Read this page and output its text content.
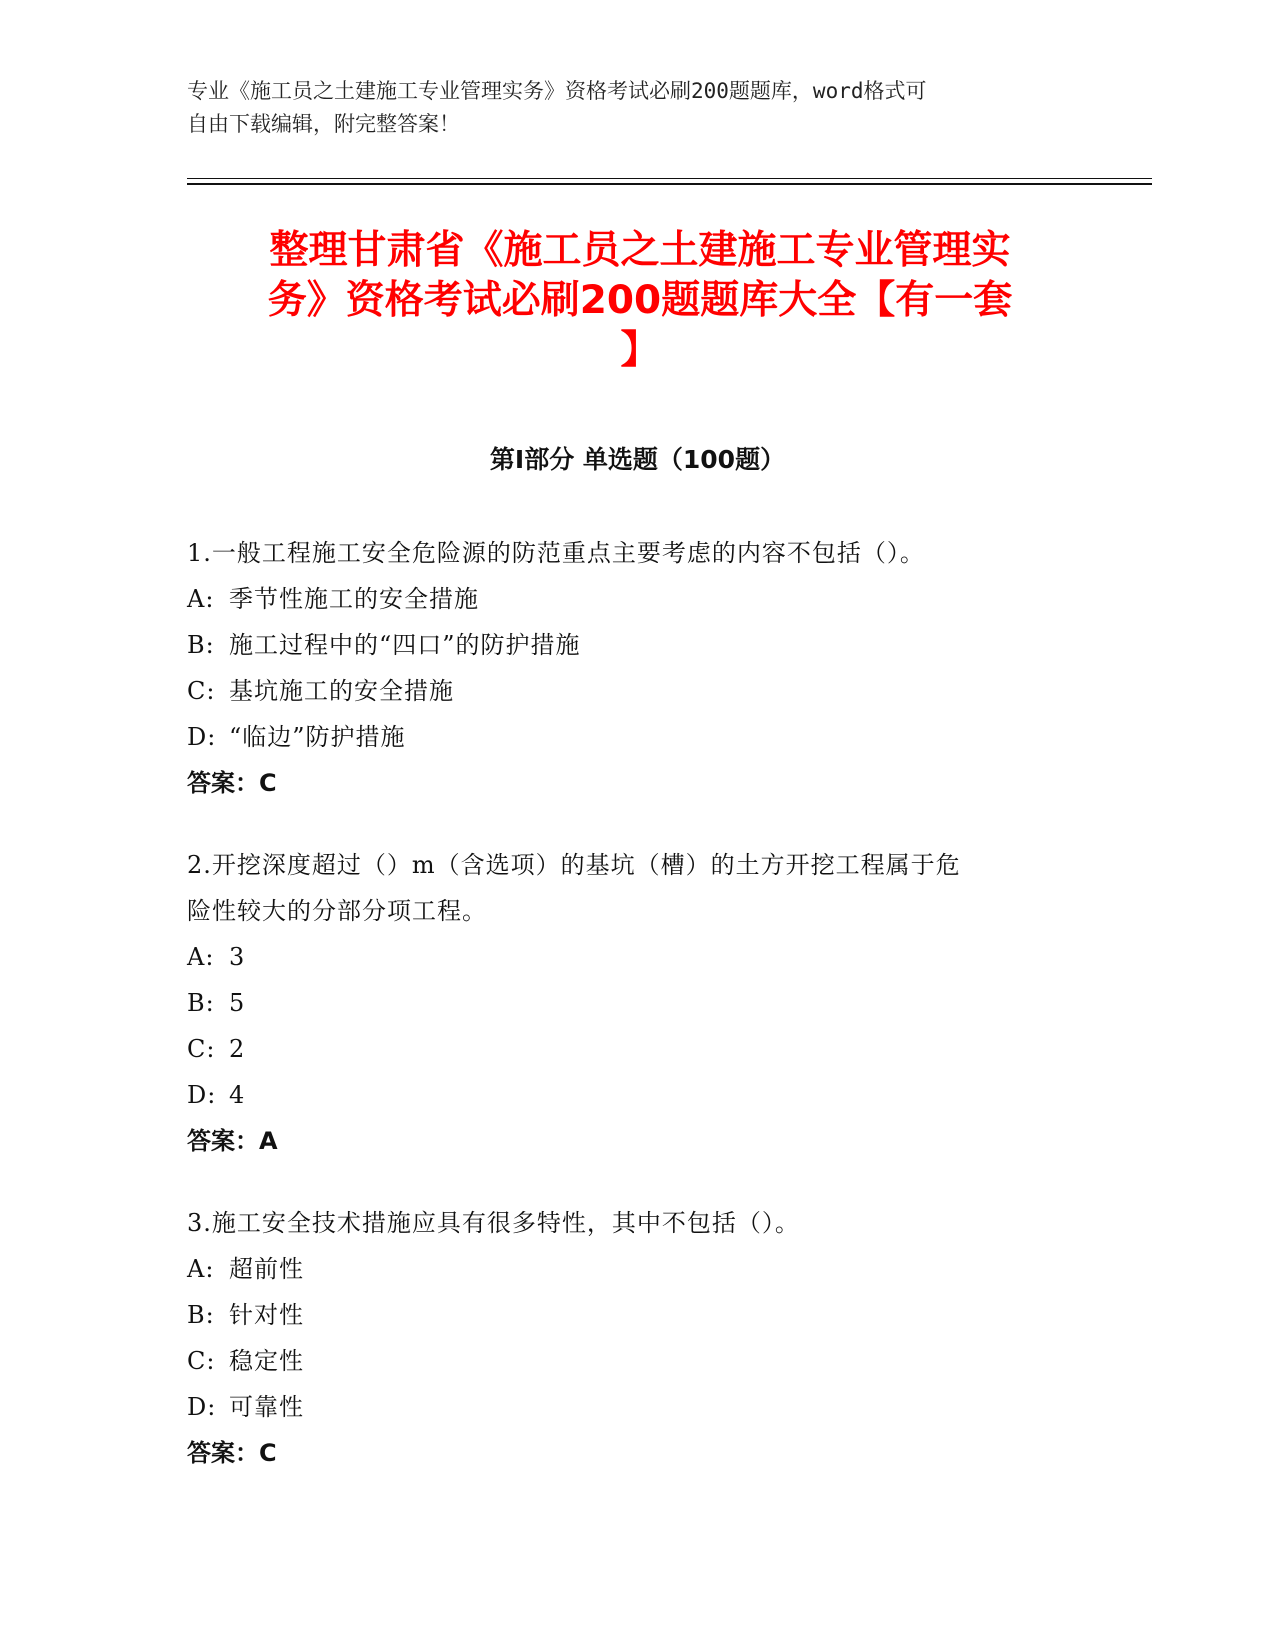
专业《施工员之土建施工专业管理实务》资格考试必刷200题题库，word格式可
自由下载编辑，附完整答案！
整理甘肃省《施工员之土建施工专业管理实
务》资格考试必刷200题题库大全【有一套
】
第I部分 单选题（100题）
1.一般工程施工安全危险源的防范重点主要考虑的内容不包括（）。
A: 季节性施工的安全措施
B: 施工过程中的“四口”的防护措施
C: 基坑施工的安全措施
D: “临边”防护措施
答案：C
2.开挖深度超过（）m（含选项）的基坑（槽）的土方开挖工程属于危
险性较大的分部分项工程。
A: 3
B: 5
C: 2
D: 4
答案：A
3.施工安全技术措施应具有很多特性，其中不包括（）。
A: 超前性
B: 针对性
C: 稳定性
D: 可靠性
答案：C
